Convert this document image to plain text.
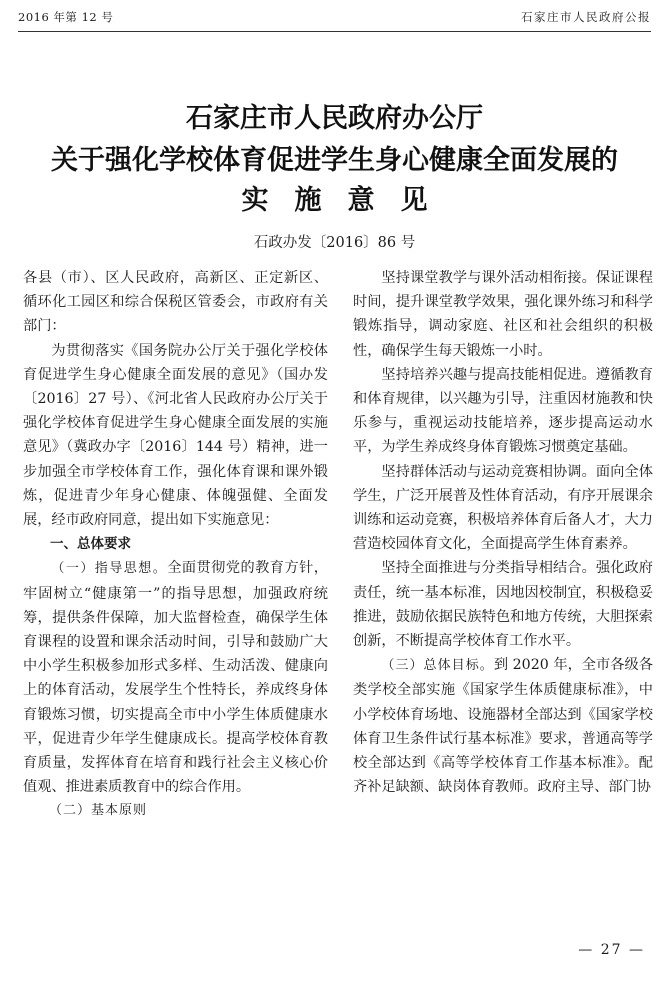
2016 年第 12 号	石家庄市人民政府公报
石家庄市人民政府办公厅
关于强化学校体育促进学生身心健康全面发展的
实施意见
石政办发〔2016〕86 号

各县（市）、区人民政府，高新区、正定新区、循环化工园区和综合保税区管委会，市政府有关部门：

为贯彻落实《国务院办公厅关于强化学校体育促进学生身心健康全面发展的意见》（国办发〔2016〕27 号）、《河北省人民政府办公厅关于强化学校体育促进学生身心健康全面发展的实施意见》（冀政办字〔2016〕144 号）精神，进一步加强全市学校体育工作，强化体育课和课外锻炼，促进青少年身心健康、体魄强健、全面发展，经市政府同意，提出如下实施意见：

一、总体要求

（一）指导思想。全面贯彻党的教育方针，牢固树立“健康第一”的指导思想，加强政府统筹，提供条件保障，加大监督检查，确保学生体育课程的设置和课余活动时间，引导和鼓励广大中小学生积极参加形式多样、生动活泼、健康向上的体育活动，发展学生个性特长，养成终身体育锻炼习惯，切实提高全市中小学生体质健康水平，促进青少年学生健康成长。提高学校体育教育质量，发挥体育在培育和践行社会主义核心价值观、推进素质教育中的综合作用。

（二）基本原则

坚持课堂教学与课外活动相衔接。保证课程时间，提升课堂教学效果，强化课外练习和科学锻炼指导，调动家庭、社区和社会组织的积极性，确保学生每天锻炼一小时。

坚持培养兴趣与提高技能相促进。遵循教育和体育规律，以兴趣为引导，注重因材施教和快乐参与，重视运动技能培养，逐步提高运动水平，为学生养成终身体育锻炼习惯奠定基础。

坚持群体活动与运动竞赛相协调。面向全体学生，广泛开展普及性体育活动，有序开展课余训练和运动竞赛，积极培养体育后备人才，大力营造校园体育文化，全面提高学生体育素养。

坚持全面推进与分类指导相结合。强化政府责任，统一基本标准，因地因校制宜，积极稳妥推进，鼓励依据民族特色和地方传统，大胆探索创新，不断提高学校体育工作水平。

（三）总体目标。到 2020 年，全市各级各类学校全部实施《国家学生体质健康标准》，中小学校体育场地、设施器材全部达到《国家学校体育卫生条件试行基本标准》要求，普通高等学校全部达到《高等学校体育工作基本标准》。配齐补足缺额、缺岗体育教师。政府主导、部门协

— 27 —
